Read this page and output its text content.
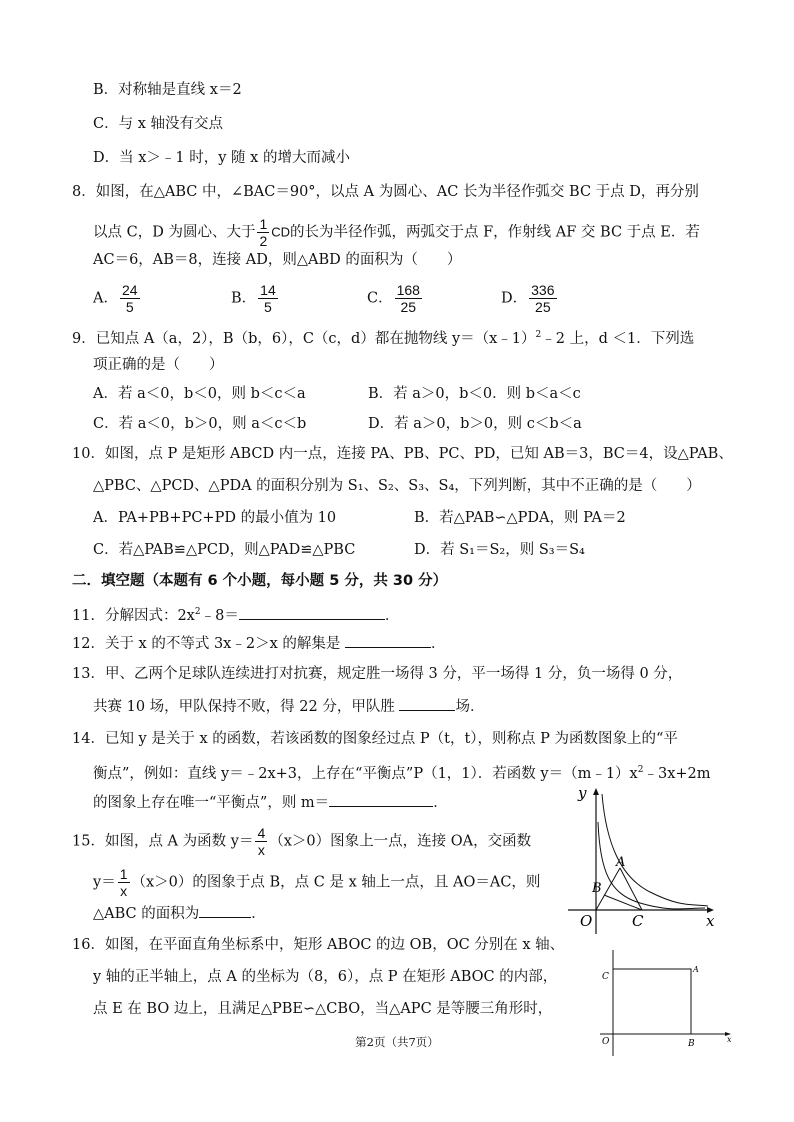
B．对称轴是直线 x＝2
C．与 x 轴没有交点
D．当 x＞﹣1 时，y 随 x 的增大而减小
8．如图，在△ABC 中，∠BAC＝90°，以点 A 为圆心、AC 长为半径作弧交 BC 于点 D，再分别
以点 C，D 为圆心、大于 $\frac{1}{2}$ CD的长为半径作弧，两弧交于点 F，作射线 AF 交 BC 于点 E．若
AC＝6，AB＝8，连接 AD，则△ABD 的面积为（　　）
A． $\frac{24}{5}$	B． $\frac{14}{5}$	C． $\frac{168}{25}$	D． $\frac{336}{25}$
9．已知点 A（a，2），B（b，6），C（c，d）都在抛物线 y＝（x﹣1）$^2$﹣2 上，d ＜1．下列选
项正确的是（　　）
A．若 a＜0，b＜0，则 b＜c＜a	B．若 a＞0，b＜0．则 b＜a＜c
C．若 a＜0，b＞0，则 a＜c＜b	D．若 a＞0，b＞0，则 c＜b＜a
10．如图，点 P 是矩形 ABCD 内一点，连接 PA、PB、PC、PD，已知 AB＝3，BC＝4，设△PAB、
△PBC、△PCD、△PDA 的面积分别为 S₁、S₂、S₃、S₄，下列判断，其中不正确的是（　　）
A．PA+PB+PC+PD 的最小值为 10	B．若△PAB∽△PDA，则 PA＝2
C．若△PAB≌△PCD，则△PAD≌△PBC	D．若 S₁＝S₂，则 S₃＝S₄
二．填空题（本题有 6 个小题，每小题 5 分，共 30 分）
11．分解因式：$2x^2﹣8=$	．
12．关于 x 的不等式 3x﹣2＞x 的解集是	．
13．甲、乙两个足球队连续进打对抗赛，规定胜一场得 3 分，平一场得 1 分，负一场得 0 分，
共赛 10 场，甲队保持不败，得 22 分，甲队胜	场．
14．已知 y 是关于 x 的函数，若该函数的图象经过点 P（t，t），则称点 P 为函数图象上的“平
衡点”，例如：直线 y＝﹣2x+3，上存在“平衡点”P（1，1）．若函数 $y=(m﹣1)x^2﹣3x+2m$
的图象上存在唯一“平衡点”，则 m＝	．
15．如图，点 A 为函数 $y= \frac{4}{x} (x>0)$图象上一点，连接 OA，交函数
$y= \frac{1}{x} (x>0)$的图象于点 B，点 C 是 x 轴上一点，且 AO＝AC，则
△ABC 的面积为	．
y
x
O
A
B
C
16．如图，在平面直角坐标系中，矩形 ABOC 的边 OB，OC 分别在 x 轴、
y 轴的正半轴上，点 A 的坐标为（8，6），点 P 在矩形 ABOC 的内部，
点 E 在 BO 边上，且满足△PBE∽△CBO，当△APC 是等腰三角形时，
C
A
O	B	x
第2页（共7页）
